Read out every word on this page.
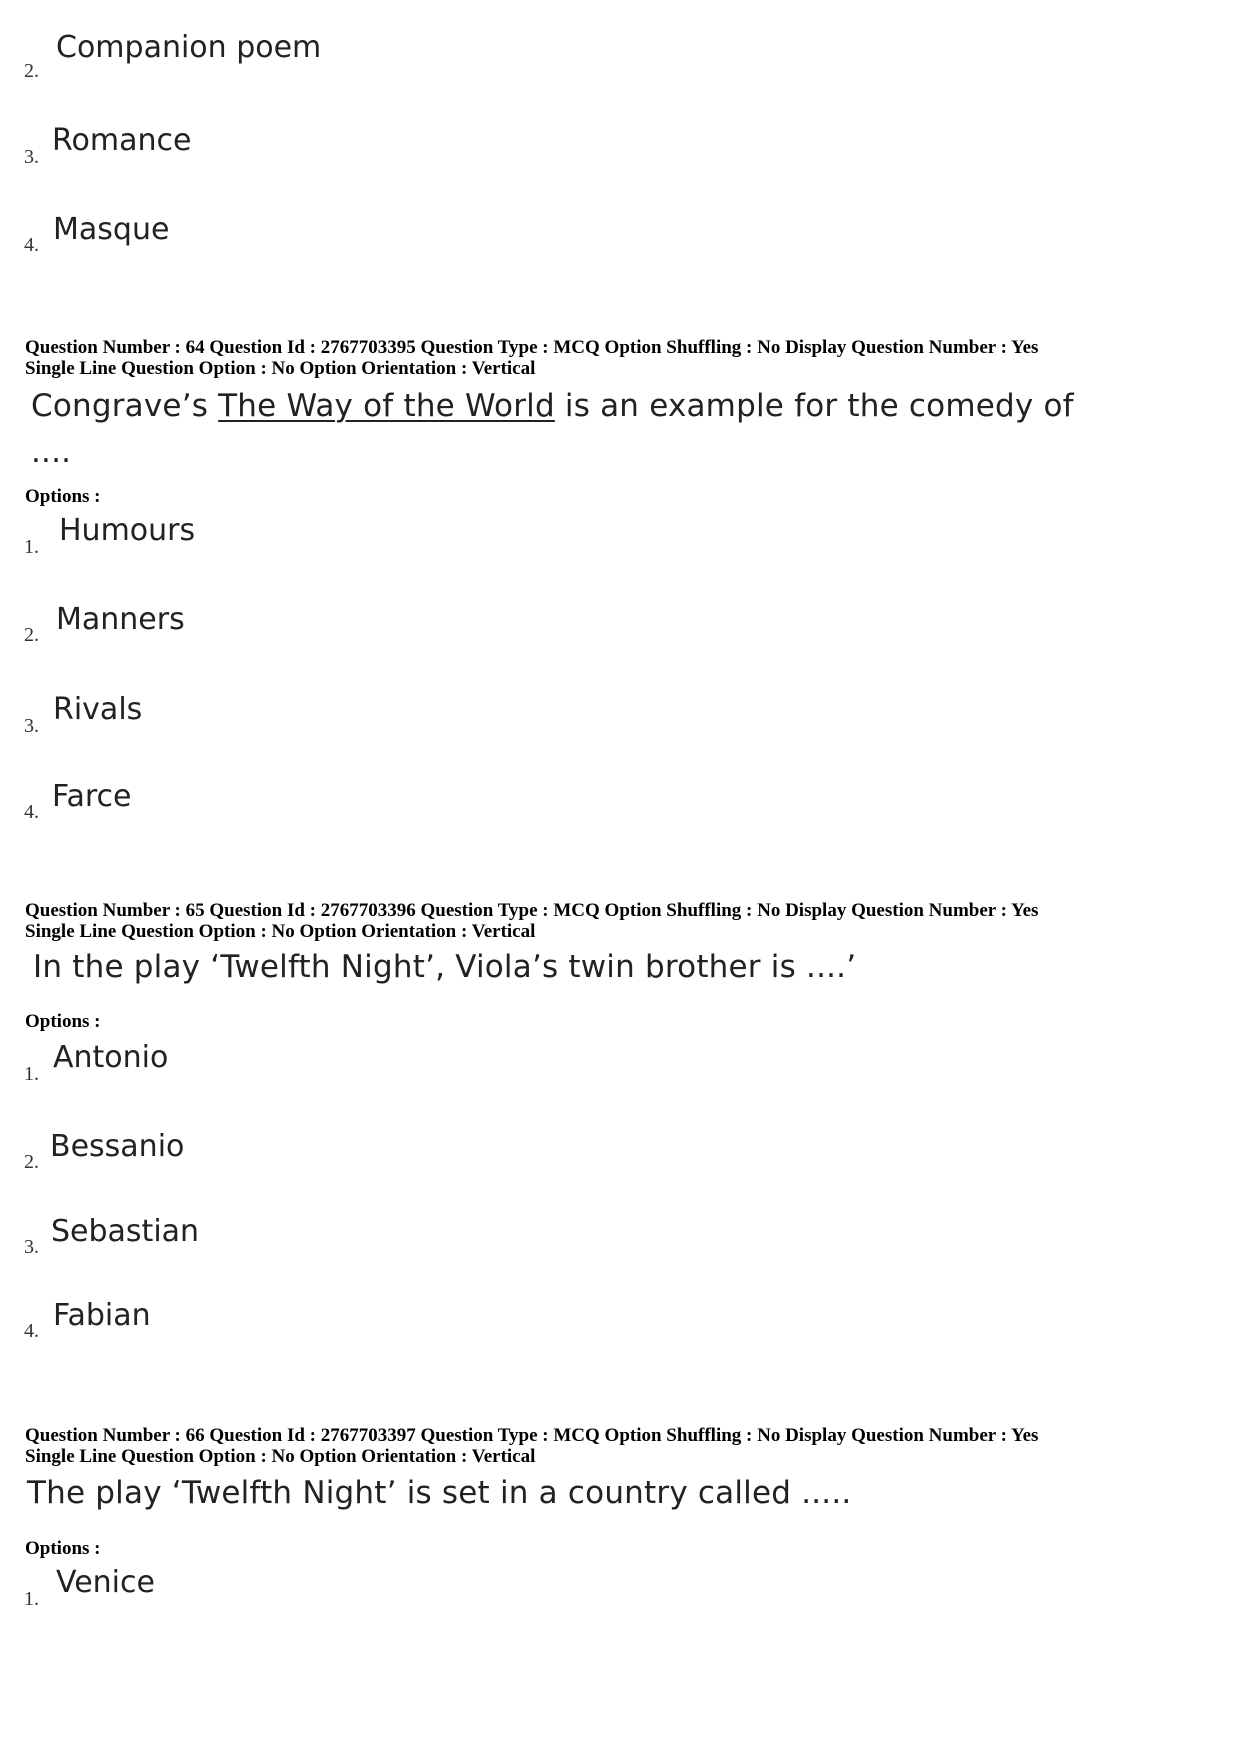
2.
Companion poem
3. Romance
4. Masque
Question Number : 64 Question Id : 2767703395 Question Type : MCQ Option Shuffling : No Display Question Number : Yes
Single Line Question Option : No Option Orientation : Vertical
Congrave’s The Way of the World is an example for the comedy of
....
Options :
1. Humours
2. Manners
3. Rivals
4. Farce
Question Number : 65 Question Id : 2767703396 Question Type : MCQ Option Shuffling : No Display Question Number : Yes
Single Line Question Option : No Option Orientation : Vertical
In the play ‘Twelfth Night’, Viola’s twin brother is ....’
Options :
1. Antonio
2. Bessanio
3. Sebastian
4. Fabian
Question Number : 66 Question Id : 2767703397 Question Type : MCQ Option Shuffling : No Display Question Number : Yes
Single Line Question Option : No Option Orientation : Vertical
The play ‘Twelfth Night’ is set in a country called .....
Options :
1. Venice
